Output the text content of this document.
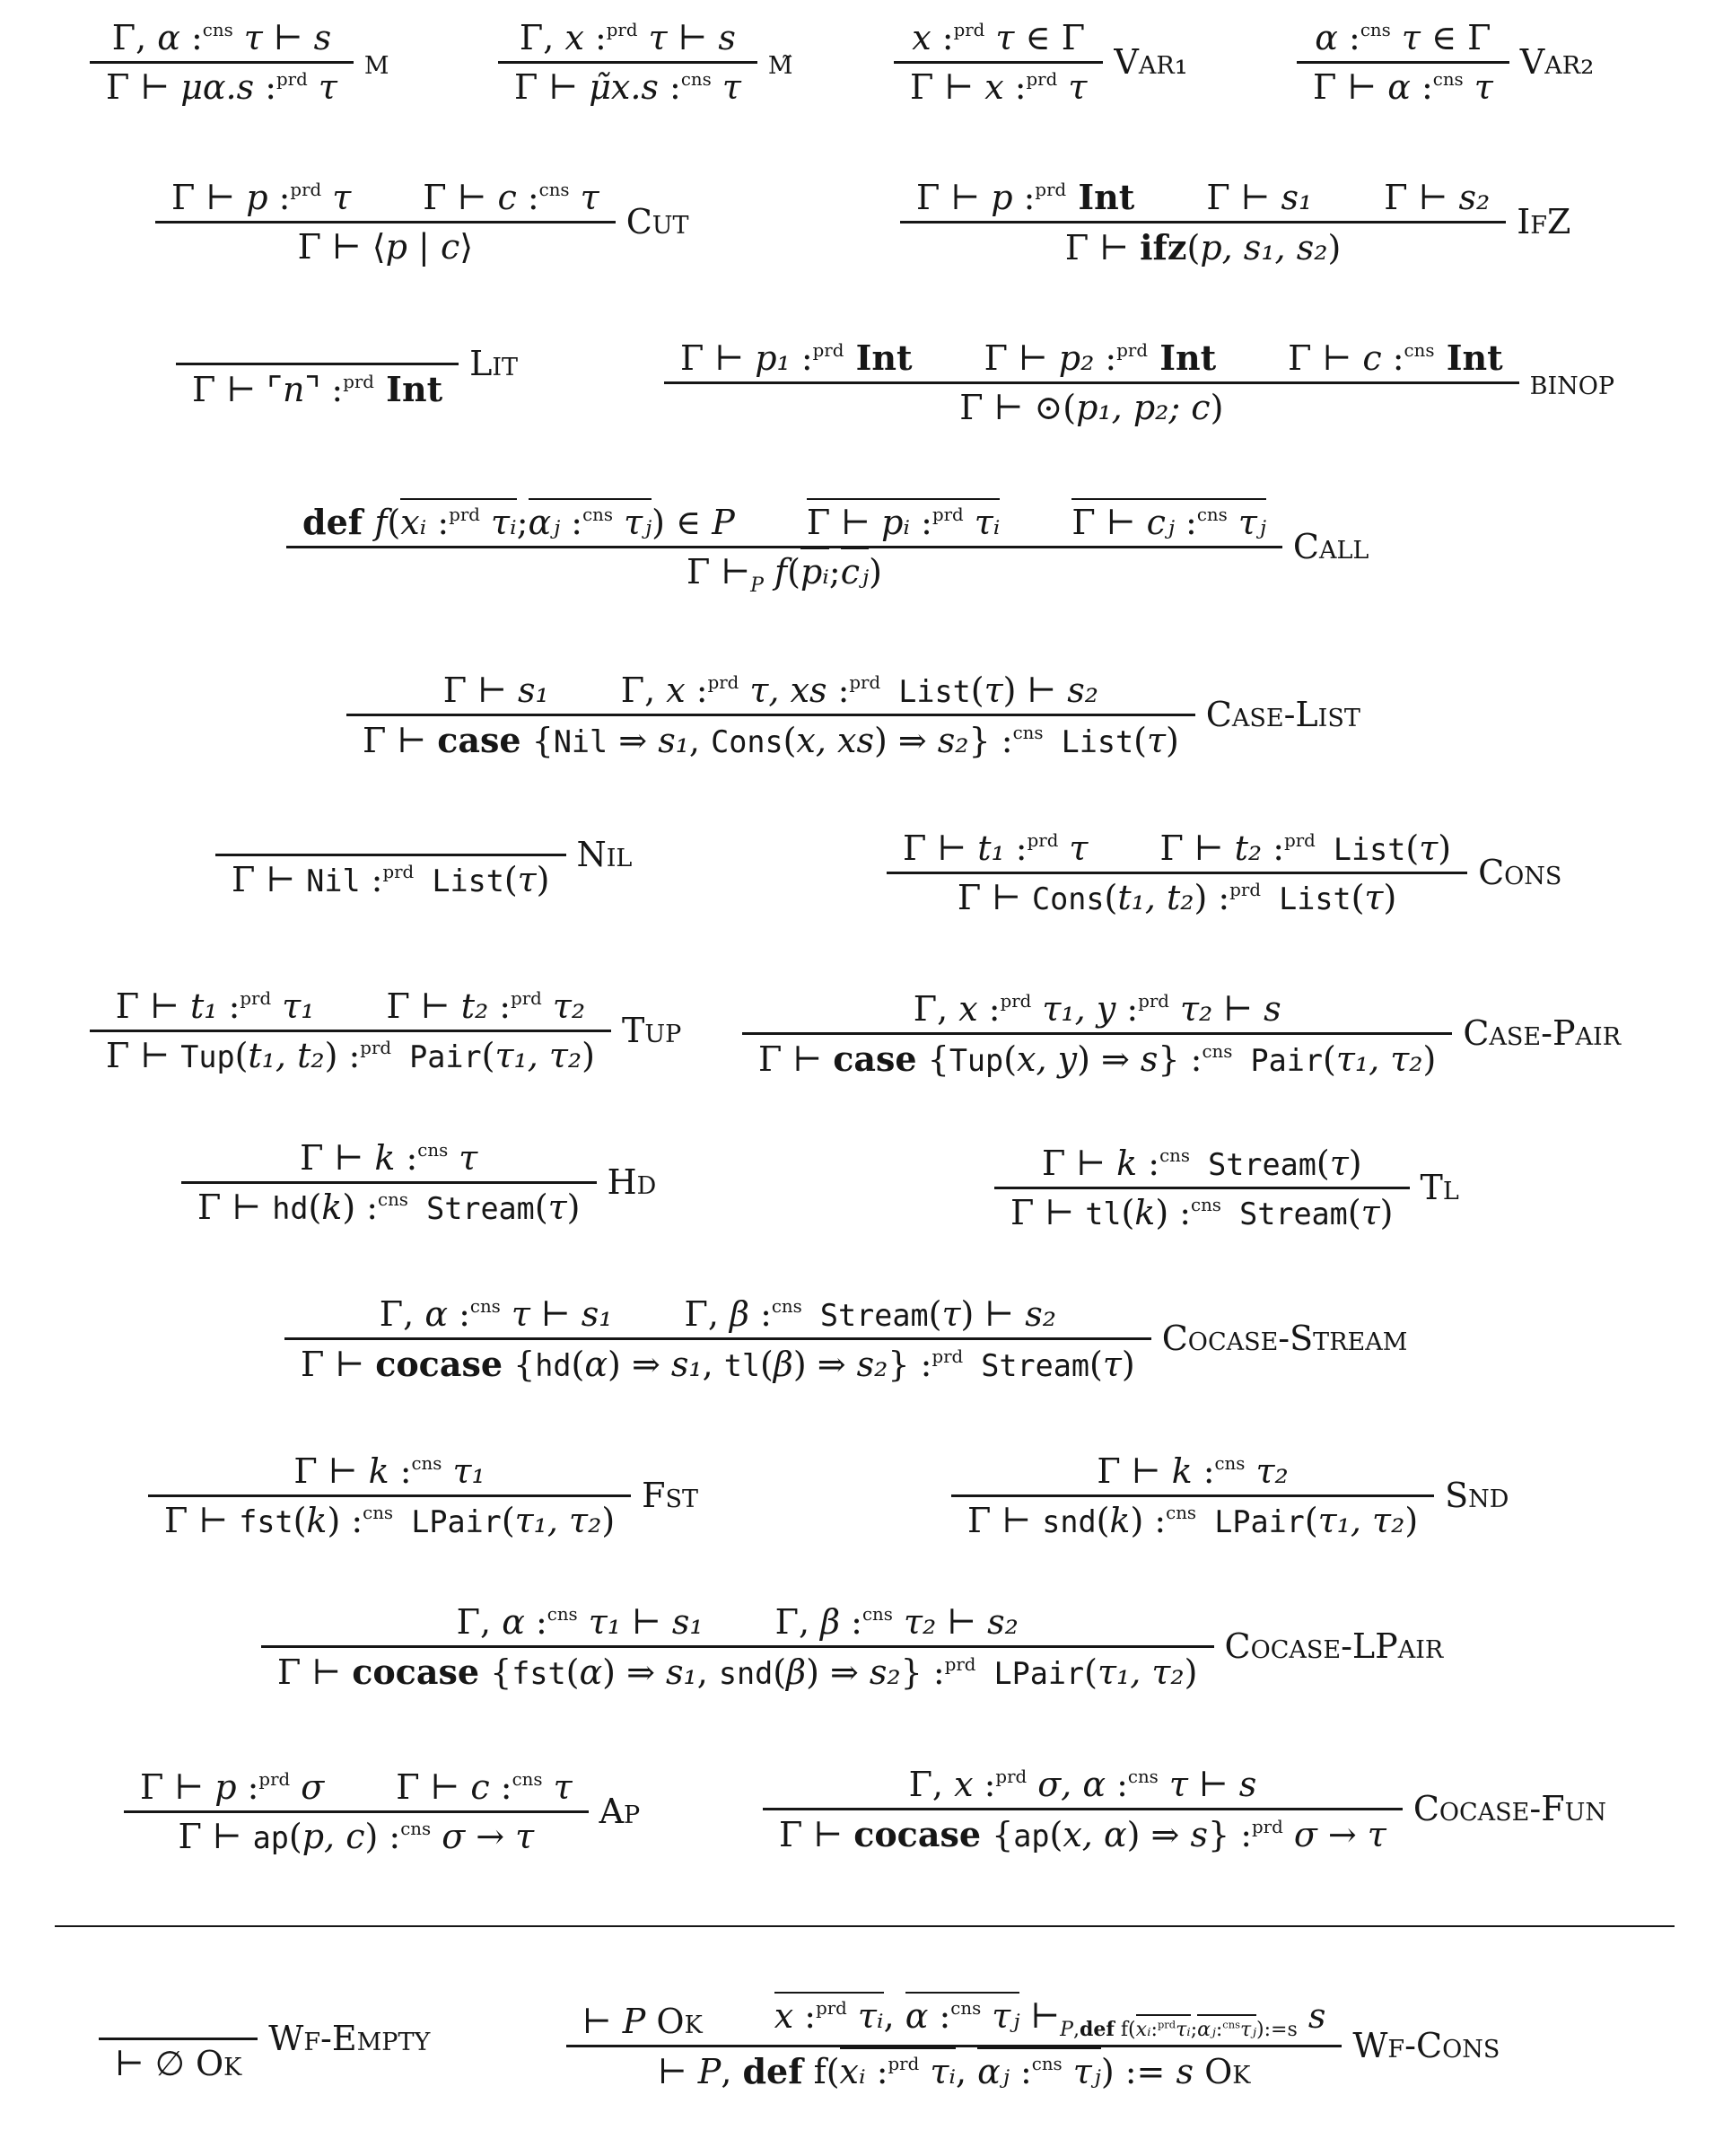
$\frac{\Gamma, \alpha :^{cns} \tau ⊢ s}{\Gamma ⊢ \mu\alpha.s :^{prd} \tau}$ μ	$\frac{\Gamma, x :^{prd} \tau ⊢ s}{\Gamma ⊢ \mũx.s :^{cns} \tau}$ μ̃	$\frac{x :^{prd} \tau \in \Gamma}{\Gamma ⊢ x :^{prd} \tau} Var_1$	$\frac{\alpha :^{cns} \tau \in \Gamma}{\Gamma ⊢ \alpha :^{cns} \tau} Var_2$
$\frac{\Gamma ⊢ p :^{prd} \tau \Gamma ⊢ c :^{cns} \tau}{\Gamma ⊢ ⟨p | c⟩}$ Cut	$\frac{\Gamma ⊢ p :^{prd} Int \Gamma ⊢ s_1 \Gamma ⊢ s_2}{\text{Γ ⊢ ifz(p, s₁, s₂)}}$ IfZ
Γ ⊢ ⌜n⌝ :$^{prd}$ Int
Lit	$\frac{\Gamma ⊢ p_1 :^{prd} Int \Gamma ⊢ p_2 :^{prd} Int \Gamma ⊢ c :^{cns} Int}{\text{Γ ⊢ ⊙(p₁, p₂; c)}}$ binop
$\frac{def f(xᵢ :^{prd} \tau ᵢ;\alpha ⱼ :^{cns} \tau ⱼ) \in P \Gamma ⊢ pᵢ :^{prd} \tau ᵢ \Gamma ⊢ cⱼ :^{cns} \tau ⱼ}{\Gamma ⊢_P f(pᵢ;cⱼ)}$ Call
$\frac{\Gamma ⊢ s_1 \Gamma, x :^{prd} \tau, xs :^{prd} List(\tau) ⊢ s_2}{\Gamma ⊢ case \{Nil \Rightarrow s_1, Cons(x, xs) \Rightarrow s_2\} :^{cns} List(\tau)}$ Case-List
Γ ⊢ Nil :$^{prd}$ List(τ)
Nil	$\frac{\Gamma ⊢ t_1 :^{prd} \tau \Gamma ⊢ t_2 :^{prd} List(\tau)}{\Gamma ⊢ Cons(t_1, t_2) :^{prd} List(\tau)}$ Cons
$\frac{\Gamma ⊢ t_1 :^{prd} \tau_1 \Gamma ⊢ t_2 :^{prd} \tau_2}{\Gamma ⊢ Tup(t_1, t_2) :^{prd} Pair(\tau_1, \tau_2)}$ Tup $\frac{\Gamma, x :^{prd} \tau_1, y :^{prd} \tau_2 ⊢ s}{\Gamma ⊢ case \{Tup(x, y) \Rightarrow s\} :^{cns} Pair(\tau_1, \tau_2)}$ Case-Pair
$\frac{\Gamma ⊢ k :^{cns} \tau}{\Gamma ⊢ hd(k) :^{cns} Stream(\tau)}$ Hd	$\frac{\Gamma ⊢ k :^{cns} Stream(\tau)}{\Gamma ⊢ tl(k) :^{cns} Stream(\tau)}$ Tl
$\frac{\Gamma, \alpha :^{cns} \tau ⊢ s_1 \Gamma, \beta :^{cns} Stream(\tau) ⊢ s_2}{\Gamma ⊢ cocase \{hd(\alpha) \Rightarrow s_1, tl(\beta) \Rightarrow s_2\} :^{prd} Stream(\tau)}$ Cocase-Stream
$\frac{\Gamma ⊢ k :^{cns} \tau_1}{\Gamma ⊢ fst(k) :^{cns} LPair(\tau_1, \tau_2)}$ Fst	$\frac{\Gamma ⊢ k :^{cns} \tau_2}{\Gamma ⊢ snd(k) :^{cns} LPair(\tau_1, \tau_2)}$ Snd
$\frac{\Gamma, \alpha :^{cns} \tau_1 ⊢ s_1 \Gamma, \beta :^{cns} \tau_2 ⊢ s_2}{\Gamma ⊢ cocase \{fst(\alpha) \Rightarrow s_1, snd(\beta) \Rightarrow s_2\} :^{prd} LPair(\tau_1, \tau_2)}$ Cocase-LPair
$\frac{\Gamma ⊢ p :^{prd} \sigma \Gamma ⊢ c :^{cns} \tau}{\Gamma ⊢ ap(p, c) :^{cns} \sigma \to \tau}$ Ap	$\frac{\Gamma, x :^{prd} \sigma, \alpha :^{cns} \tau ⊢ s}{\Gamma ⊢ cocase \{ap(x, \alpha) \Rightarrow s\} :^{prd} \sigma \to \tau}$ Cocase-Fun
⊢ ∅ Ok
Wf-Empty	$\frac{⊢ P Ok x :^{prd} \tau ᵢ, \alpha :^{cns} \tau ⱼ ⊢_{P,def f(xᵢ:^{prd}\tau ᵢ;\alpha ⱼ:^{cns}\tau ⱼ):=s} s}{⊢ P, def f(xᵢ :^{prd} \tau ᵢ, \alpha ⱼ :^{cns} \tau ⱼ) := s Ok}$ Wf-Cons
